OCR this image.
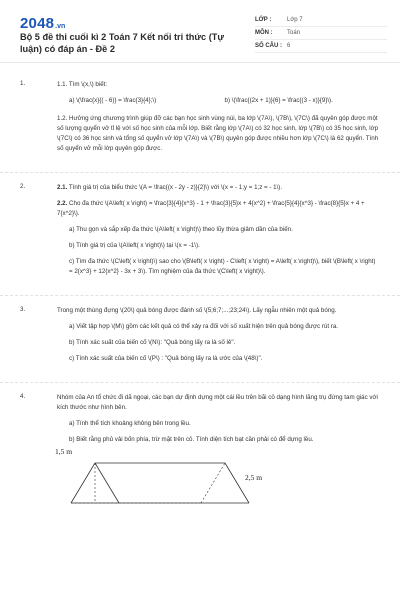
2048 .vn
Bộ 5 đề thi cuối kì 2 Toán 7 Kết nối tri thức (Tự luận) có đáp án - Đề 2
LỚP :	Lớp 7
MÔN :	Toán
SỐ CÂU : 6
1.	1.1. Tìm \(x,\) biết:
a) \(\frac{x}{( - 6)} = \frac{3}{4};\)	b) \(\frac{(2x + 1)}{6} = \frac{(3 - x)}{9}\).
1.2. Hưởng ứng chương trình giúp đỡ các bạn học sinh vùng núi, ba lớp \(7A\), \(7B\), \(7C\) đã quyên góp được một số lượng quyển vở tỉ lệ với số học sinh của mỗi lớp. Biết rằng lớp \(7A\) có 32 học sinh, lớp \(7B\) có 35 học sinh, lớp \(7C\) có 36 học sinh và tổng số quyển vở lớp \(7A\) và \(7B\) quyên góp được nhiều hơn lớp \(7C\) là 62 quyển. Tính số quyển vở mỗi lớp quyên góp được.
2.	2.1. Tính giá trị của biểu thức \(A = \frac{(x - 2y - z)}{2}\) với \(x = - 1;y = 1;z = - 1\).
2.2. Cho đa thức \(A\left( x \right) = \frac{3}{4}{x^3} - 1 + \frac{3}{5}x + 4{x^2} + \frac{5}{4}{x^3} - \frac{8}{5}x + 4 + 7{x^2}\).
a) Thu gọn và sắp xếp đa thức \(A\left( x \right)\) theo lũy thừa giảm dần của biến.
b) Tính giá trị của \(A\left( x \right)\) tại \(x = -1\).
c) Tìm đa thức \(C\left( x \right)\) sao cho \(B\left( x \right) - C\left( x \right) = A\left( x \right)\), biết \(B\left( x \right) = 2{x^3} + 12{x^2} - 3x + 3\). Tìm nghiệm của đa thức \(C\left( x \right)\).
3.	Trong một thùng đựng \(20\) quả bóng được đánh số \(5;6;7;...;23;24\). Lấy ngẫu nhiên một quả bóng.
a) Viết tập hợp \(M\) gồm các kết quả có thể xảy ra đối với số xuất hiện trên quả bóng được rút ra.
b) Tính xác suất của biến cố \(N\): "Quả bóng lấy ra là số lẻ".
c) Tính xác suất của biến cố \(P\) : "Quả bóng lấy ra là ước của \(48\)".
4.	Nhóm của An tổ chức đi dã ngoại, các bạn dự định dựng một cái lều trên bãi cỏ dạng hình lăng trụ đứng tam giác với kích thước như hình bên.
a) Tính thể tích khoảng không bên trong lều.
b) Biết rằng phủ vải bốn phía, trừ mặt trên cỏ. Tính diện tích bạt cần phải có để dựng lều.
1,5 m
2,5 m
